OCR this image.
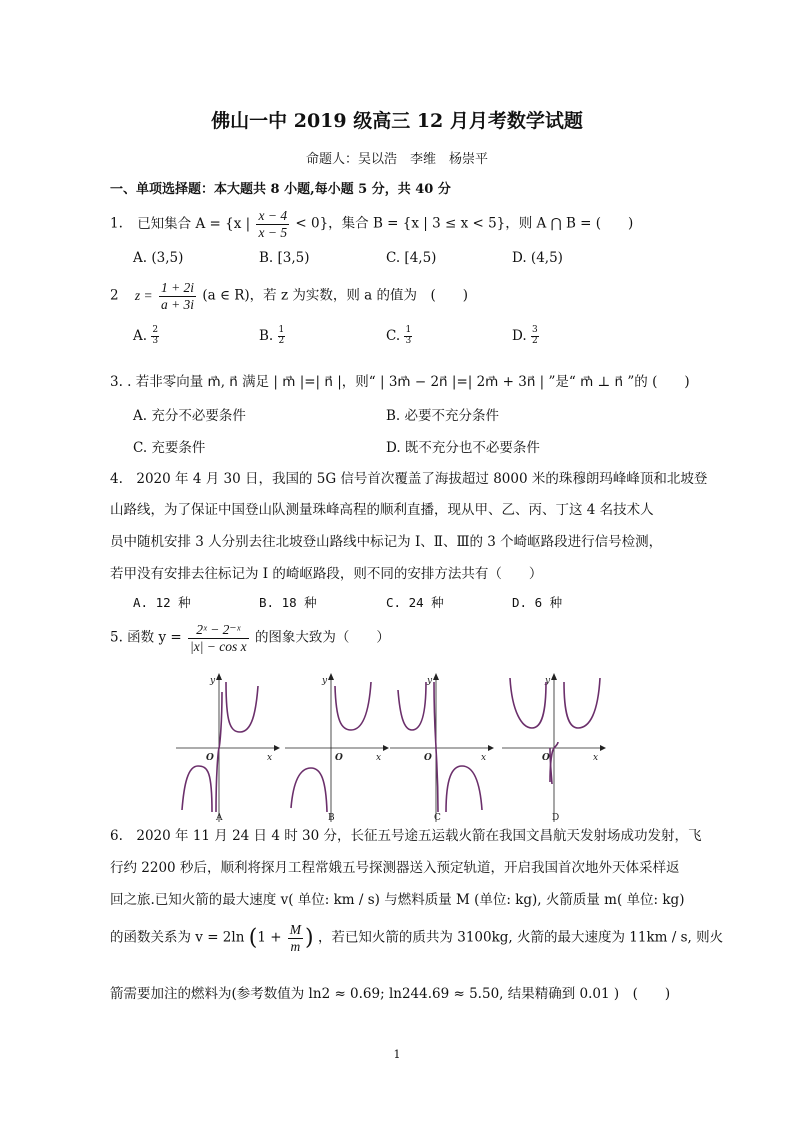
佛山一中 2019 级高三 12 月月考数学试题
命题人：吴以浩　李维　杨崇平
一、单项选择题：本大题共 8 小题,每小题 5 分，共 40 分
1. 已知集合 A = {x | $\frac{x - 4}{x - 5} < 0$}，集合 B = {x | 3 ≤ x < 5}，则 A ⋂ B = (　　)
A. (3,5)	B. [3,5)	C. [4,5)	D. (4,5)
2 $z = \frac{1 + 2i}{a + 3i} (a$ ∈ R)，若 z 为实数，则 a 的值为　(　　)
A. $\frac{2}{3}$	B. $\frac{1}{2}$	C. $\frac{1}{3}$	D. $\frac{3}{2}$
3. . 若非零向量 m⃗, n⃗ 满足 | m⃗ |=| n⃗ |，则“ | 3m⃗ − 2n⃗ |=| 2m⃗ + 3n⃗ | ”是“ m⃗ ⊥ n⃗ ”的 (　　)
A. 充分不必要条件	B. 必要不充分条件
C. 充要条件	D. 既不充分也不必要条件
4.　2020 年 4 月 30 日，我国的 5G 信号首次覆盖了海拔超过 8000 米的珠穆朗玛峰峰顶和北坡登
山路线，为了保证中国登山队测量珠峰高程的顺利直播，现从甲、乙、丙、丁这 4 名技术人
员中随机安排 3 人分别去往北坡登山路线中标记为 Ⅰ、Ⅱ、Ⅲ的 3 个崎岖路段进行信号检测，
若甲没有安排去往标记为 Ⅰ 的崎岖路段，则不同的安排方法共有（　　）
A. 12 种	B. 18 种	C. 24 种	D. 6 种
5. 函数 $y = \frac{\text{2ˣ − 2⁻ˣ}}{\text{|x| − cos x}}$ 的图象大致为（　　）
y
x
O
A
y
x
O
B
y
x
O
C
y
x
O
D
6.　2020 年 11 月 24 日 4 时 30 分，长征五号途五运载火箭在我国文昌航天发射场成功发射，飞
行约 2200 秒后，顺利将探月工程常娥五号探测器送入预定轨道，开启我国首次地外天体采样返
回之旅.已知火箭的最大速度 v( 单位: km / s) 与燃料质量 M (单位: kg), 火箭质量 m( 单位: kg)
的函数关系为 v = 2ln ($1 + \frac{M}{m}$ ) ，若已知火箭的质共为 3100kg, 火箭的最大速度为 11km / s, 则火
箭需要加注的燃料为(参考数值为 ln2 ≈ 0.69; ln244.69 ≈ 5.50, 结果精确到 0.01 )　(　　)
1
